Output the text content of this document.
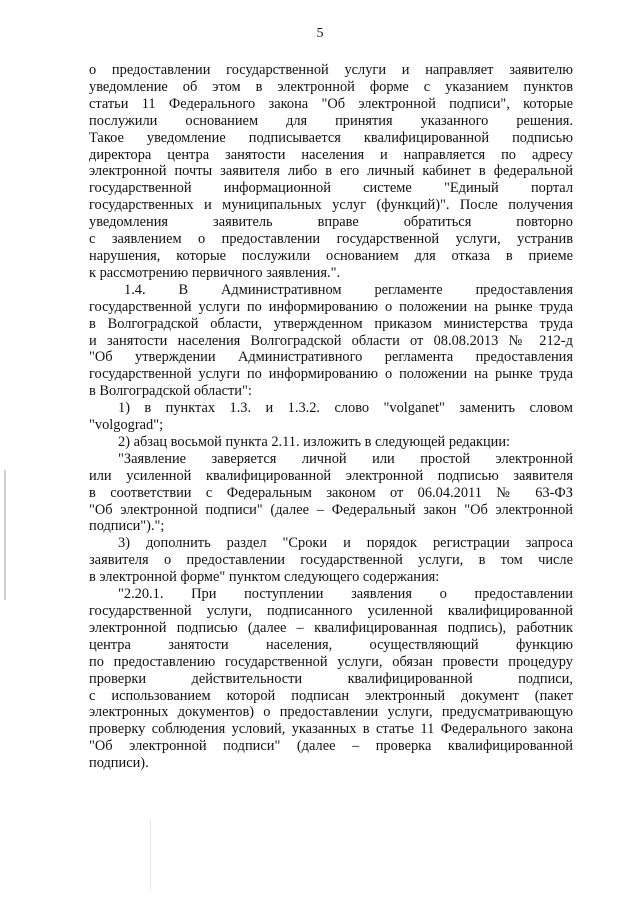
5
о предоставлении государственной услуги и направляет заявителю
уведомление об этом в электронной форме с указанием пунктов
статьи 11 Федерального закона "Об электронной подписи", которые
послужили основанием для принятия указанного решения.
Такое уведомление подписывается квалифицированной подписью
директора центра занятости населения и направляется по адресу
электронной почты заявителя либо в его личный кабинет в федеральной
государственной информационной системе "Единый портал
государственных и муниципальных услуг (функций)". После получения
уведомления заявитель вправе обратиться повторно
с заявлением о предоставлении государственной услуги, устранив
нарушения, которые послужили основанием для отказа в приеме
к рассмотрению первичного заявления.".
1.4. В Административном регламенте предоставления
государственной услуги по информированию о положении на рынке труда
в Волгоградской области, утвержденном приказом министерства труда
и занятости населения Волгоградской области от 08.08.2013 № 212-д
"Об утверждении Административного регламента предоставления
государственной услуги по информированию о положении на рынке труда
в Волгоградской области":
1) в пунктах 1.3. и 1.3.2. слово "volganet" заменить словом
"volgograd";
2) абзац восьмой пункта 2.11. изложить в следующей редакции:
"Заявление заверяется личной или простой электронной
или усиленной квалифицированной электронной подписью заявителя
в соответствии с Федеральным законом от 06.04.2011 № 63-ФЗ
"Об электронной подписи" (далее – Федеральный закон "Об электронной
подписи").";
3) дополнить раздел "Сроки и порядок регистрации запроса
заявителя о предоставлении государственной услуги, в том числе
в электронной форме" пунктом следующего содержания:
"2.20.1. При поступлении заявления о предоставлении
государственной услуги, подписанного усиленной квалифицированной
электронной подписью (далее – квалифицированная подпись), работник
центра занятости населения, осуществляющий функцию
по предоставлению государственной услуги, обязан провести процедуру
проверки действительности квалифицированной подписи,
с использованием которой подписан электронный документ (пакет
электронных документов) о предоставлении услуги, предусматривающую
проверку соблюдения условий, указанных в статье 11 Федерального закона
"Об электронной подписи" (далее – проверка квалифицированной
подписи).
